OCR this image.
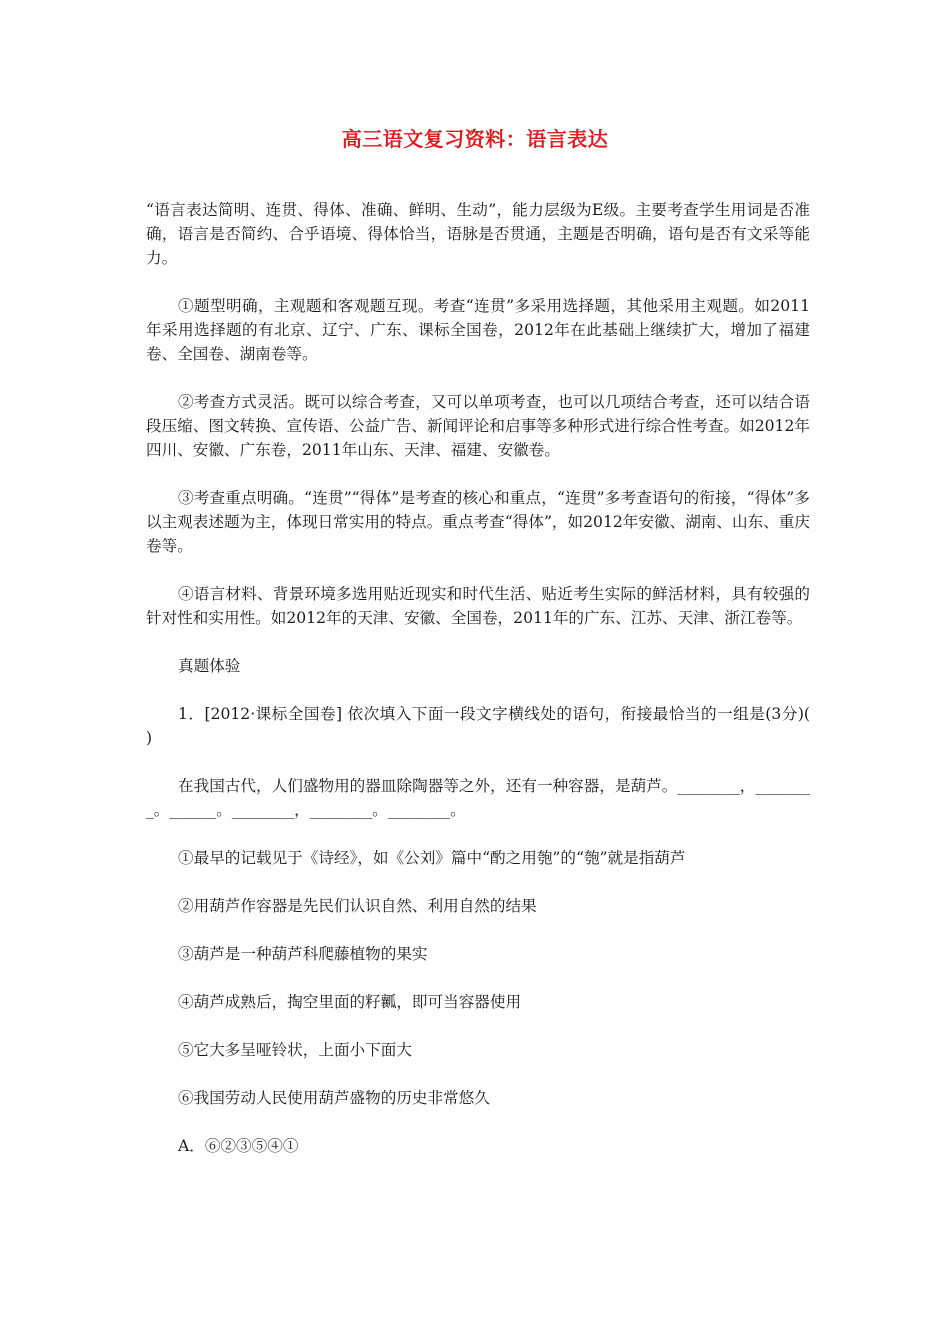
高三语文复习资料：语言表达

“语言表达简明、连贯、得体、准确、鲜明、生动”，能力层级为E级。主要考查学生用词是否准确，语言是否简约、合乎语境、得体恰当，语脉是否贯通，主题是否明确，语句是否有文采等能力。

①题型明确，主观题和客观题互现。考查“连贯”多采用选择题，其他采用主观题。如2011年采用选择题的有北京、辽宁、广东、课标全国卷，2012年在此基础上继续扩大，增加了福建卷、全国卷、湖南卷等。

②考查方式灵活。既可以综合考查，又可以单项考查，也可以几项结合考查，还可以结合语段压缩、图文转换、宣传语、公益广告、新闻评论和启事等多种形式进行综合性考查。如2012年四川、安徽、广东卷，2011年山东、天津、福建、安徽卷。

③考查重点明确。“连贯”“得体”是考查的核心和重点，“连贯”多考查语句的衔接，“得体”多以主观表述题为主，体现日常实用的特点。重点考查“得体”，如2012年安徽、湖南、山东、重庆卷等。

④语言材料、背景环境多选用贴近现实和时代生活、贴近考生实际的鲜活材料，具有较强的针对性和实用性。如2012年的天津、安徽、全国卷，2011年的广东、江苏、天津、浙江卷等。

真题体验

1．[2012·课标全国卷] 依次填入下面一段文字横线处的语句，衔接最恰当的一组是(3分)(　　)

在我国古代，人们盛物用的器皿除陶器等之外，还有一种容器，是葫芦。________，________。______。________，________。________。

①最早的记载见于《诗经》，如《公刘》篇中“酌之用匏”的“匏”就是指葫芦

②用葫芦作容器是先民们认识自然、利用自然的结果

③葫芦是一种葫芦科爬藤植物的果实

④葫芦成熟后，掏空里面的籽瓤，即可当容器使用

⑤它大多呈哑铃状，上面小下面大

⑥我国劳动人民使用葫芦盛物的历史非常悠久

A．⑥②③⑤④①
